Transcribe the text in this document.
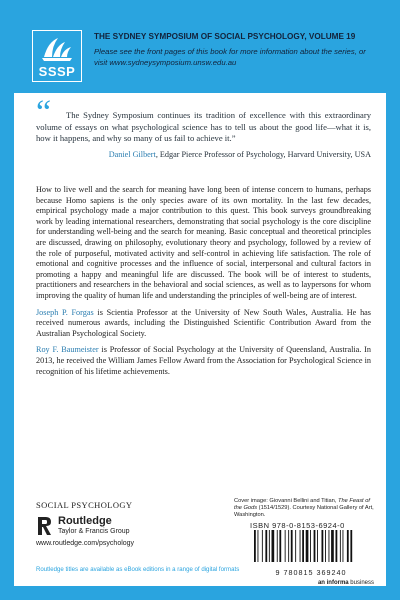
SSSP
THE SYDNEY SYMPOSIUM OF SOCIAL PSYCHOLOGY, VOLUME 19
Please see the front pages of this book for more information about the series, or visit www.sydneysymposium.unsw.edu.au
“	The Sydney Symposium continues its tradition of excellence with this extraordinary volume of essays on what psychological science has to tell us about the good life—what it is, how it happens, and why so many of us fail to achieve it.”

Daniel Gilbert, Edgar Pierce Professor of Psychology, Harvard University, USA

How to live well and the search for meaning have long been of intense concern to humans, perhaps because Homo sapiens is the only species aware of its own mortality. In the last few decades, empirical psychology made a major contribution to this quest. This book surveys groundbreaking work by leading international researchers, demonstrating that social psychology is the core discipline for understanding well-being and the search for meaning. Basic conceptual and theoretical principles are discussed, drawing on philosophy, evolutionary theory and psychology, followed by a review of the role of purposeful, motivated activity and self-control in achieving life satisfaction. The role of emotional and cognitive processes and the influence of social, interpersonal and cultural factors in promoting a happy and meaningful life are discussed. The book will be of interest to students, practitioners and researchers in the behavioral and social sciences, as well as to laypersons for whom improving the quality of human life and understanding the principles of well-being are of interest.

Joseph P. Forgas is Scientia Professor at the University of New South Wales, Australia. He has received numerous awards, including the Distinguished Scientific Contribution Award from the Australian Psychological Society.

Roy F. Baumeister is Professor of Social Psychology at the University of Queensland, Australia. In 2013, he received the William James Fellow Award from the Association for Psychological Science in recognition of his lifetime achievements.

SOCIAL PSYCHOLOGY
Routledge
Taylor & Francis Group
www.routledge.com/psychology
Routledge titles are available as eBook editions in a range of digital formats
Cover image: Giovanni Bellini and Titian, The Feast of the Gods (1514/1529). Courtesy National Gallery of Art, Washington.
ISBN 978-0-8153-6924-0
9 780815 369240
an informa business
